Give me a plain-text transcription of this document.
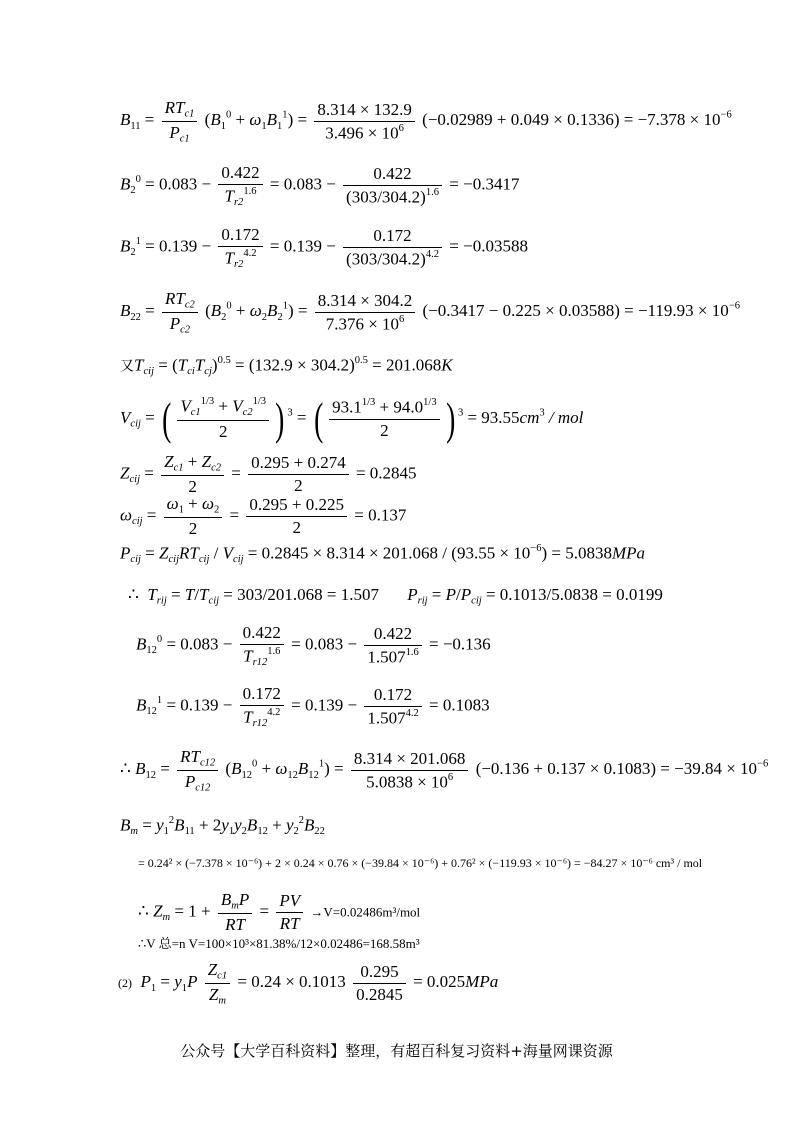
$B_{11} = \frac{RT_{c1}}{P_{c1}} (B_1^0 + \omega_1B_1^1) = \frac{8.314 \times 132.9}{3.496 \times 10^6} (-0.02989 + 0.049 \times 0.1336) = -7.378 \times 10^{-6}$
$B_2^0 = 0.083 - \frac{0.422}{T_{r2}^{1.6}} = 0.083 - \frac{0.422}{(303/304.2)^{1.6}} = -0.3417$
$B_2^1 = 0.139 - \frac{0.172}{T_{r2}^{4.2}} = 0.139 - \frac{0.172}{(303/304.2)^{4.2}} = -0.03588$
$B_{22} = \frac{RT_{c2}}{P_{c2}} (B_2^0 + \omega_2B_2^1) = \frac{8.314 \times 304.2}{7.376 \times 10^6} (-0.3417 - 0.225 \times 0.03588) = -119.93 \times 10^{-6}$
又$T_{cij} = (T_{ci}T_{cj})^{0.5} = (132.9 \times 304.2)^{0.5} = 201.068K$
$V_{cij}$ = ( $\frac{V_{c1}^{1/3} + V_{c2}^{1/3}}{2}$ ) $^3$ = ( $\frac{93.1^{1/3} + 94.0^{1/3}}{2}$ ) $^3 = 93.55cm^3$ / mol
$Z_{cij} = \frac{Z_{c1} + Z_{c2}}{2} = \frac{0.295 + 0.274}{2} = 0.2845$
$\omega_{cij} = \frac{\omega_1 + \omega_2}{2} = \frac{0.295 + 0.225}{2} = 0.137$
$P_{cij} = Z_{cij}RT_{cij} / V_{cij} = 0.2845 \times 8.314 \times 201.068 / (93.55 \times 10^{-6}) = 5.0838MPa$
∴ $T_{rij} = T/T_{cij} = 303/201.068 = 1.507$ $P_{rij} = P/P_{cij} = 0.1013/5.0838 = 0.0199$
$B_{12}^0 = 0.083 - \frac{0.422}{T_{r12}^{1.6}} = 0.083 - \frac{0.422}{1.507^{1.6}} = -0.136$
$B_{12}^1 = 0.139 - \frac{0.172}{T_{r12}^{4.2}} = 0.139 - \frac{0.172}{1.507^{4.2}} = 0.1083$
∴ $B_{12} = \frac{RT_{c12}}{P_{c12}} (B_{12}^0 + \omega_{12}B_{12}^1) = \frac{8.314 \times 201.068}{5.0838 \times 10^6} (-0.136 + 0.137 \times 0.1083) = -39.84 \times 10^{-6}$
$B_m = y_1^2B_{11} + 2y_1y_2B_{12} + y_2^2B_{22}$
= 0.24² × (−7.378 × 10⁻⁶) + 2 × 0.24 × 0.76 × (−39.84 × 10⁻⁶) + 0.76² × (−119.93 × 10⁻⁶) = −84.27 × 10⁻⁶ cm³ / mol
∴ $Z_m = 1 + \frac{B_mP}{RT} = \frac{PV}{RT} \to V=0.02486m^3/mol$
∴V 总=n V=100×10³×81.38%/12×0.02486=168.58m³
(2) $P_1 = y_1P \frac{Z_{c1}}{Z_m} = 0.24 \times 0.1013 \frac{0.295}{0.2845} = 0.025MPa$
公众号【大学百科资料】整理，有超百科复习资料+海量网课资源
